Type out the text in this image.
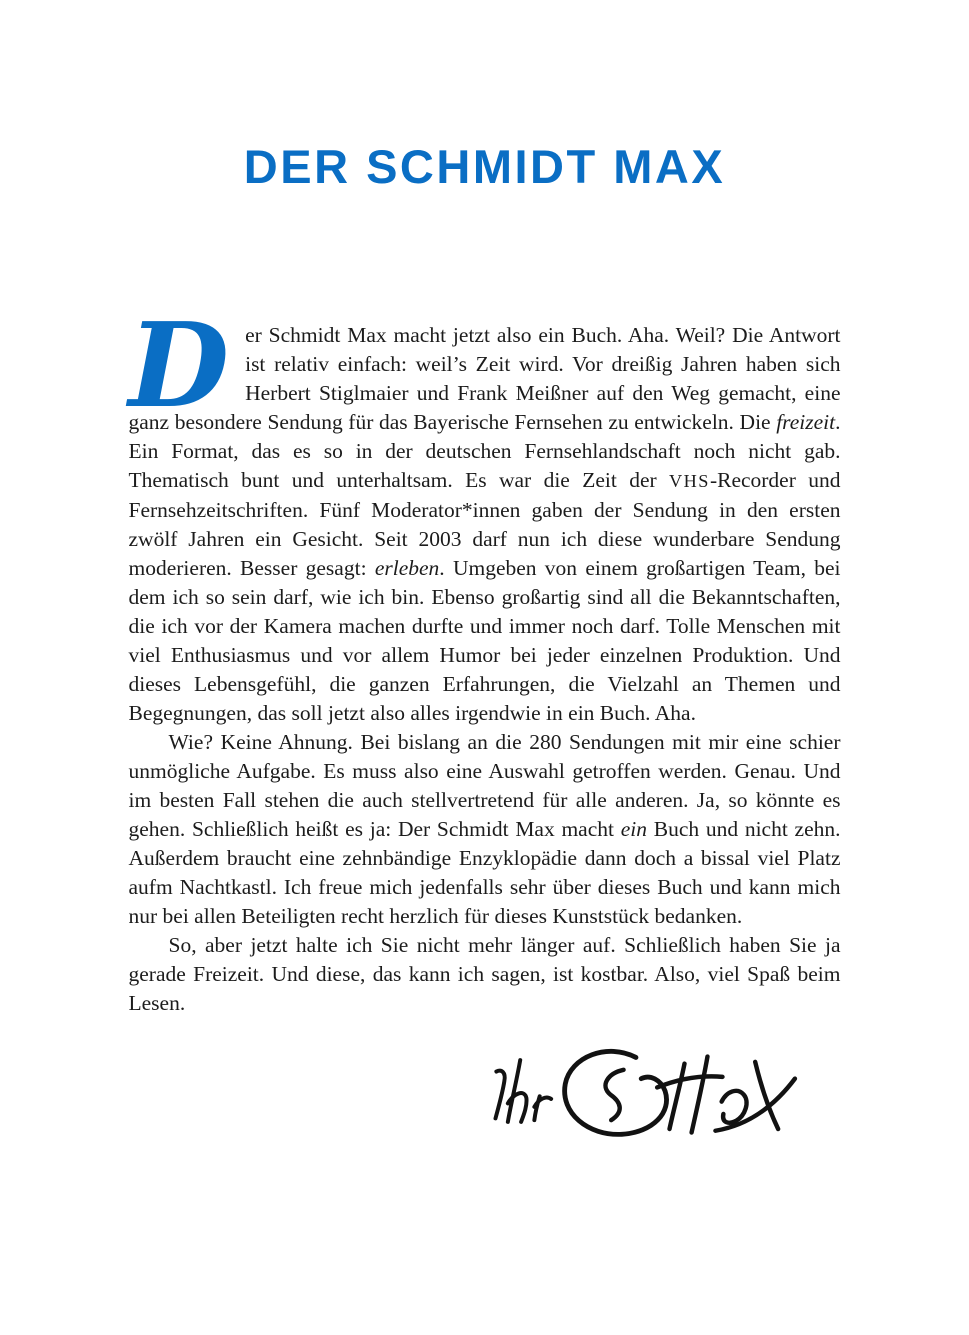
DER SCHMIDT MAX

Der Schmidt Max macht jetzt also ein Buch. Aha. Weil? Die Antwort ist relativ einfach: weil’s Zeit wird. Vor dreißig Jahren haben sich Herbert Stiglmaier und Frank Meißner auf den Weg gemacht, eine ganz besondere Sendung für das Bayerische Fernsehen zu entwickeln. Die freizeit. Ein Format, das es so in der deutschen Fernsehlandschaft noch nicht gab. Thematisch bunt und unterhaltsam. Es war die Zeit der VHS-Recorder und Fernsehzeitschriften. Fünf Moderator*innen gaben der Sendung in den ersten zwölf Jahren ein Gesicht. Seit 2003 darf nun ich diese wunderbare Sendung moderieren. Besser gesagt: erleben. Umgeben von einem großartigen Team, bei dem ich so sein darf, wie ich bin. Ebenso großartig sind all die Bekanntschaften, die ich vor der Kamera machen durfte und immer noch darf. Tolle Menschen mit viel Enthusiasmus und vor allem Humor bei jeder einzelnen Produktion. Und dieses Lebensgefühl, die ganzen Erfahrungen, die Vielzahl an Themen und Begegnungen, das soll jetzt also alles irgendwie in ein Buch. Aha.

Wie? Keine Ahnung. Bei bislang an die 280 Sendungen mit mir eine schier unmögliche Aufgabe. Es muss also eine Auswahl getroffen werden. Genau. Und im besten Fall stehen die auch stellvertretend für alle anderen. Ja, so könnte es gehen. Schließlich heißt es ja: Der Schmidt Max macht ein Buch und nicht zehn. Außerdem braucht eine zehnbändige Enzyklopädie dann doch a bissal viel Platz aufm Nachtkastl. Ich freue mich jedenfalls sehr über dieses Buch und kann mich nur bei allen Beteiligten recht herzlich für dieses Kunststück bedanken.

So, aber jetzt halte ich Sie nicht mehr länger auf. Schließlich haben Sie ja gerade Freizeit. Und diese, das kann ich sagen, ist kostbar. Also, viel Spaß beim Lesen.
